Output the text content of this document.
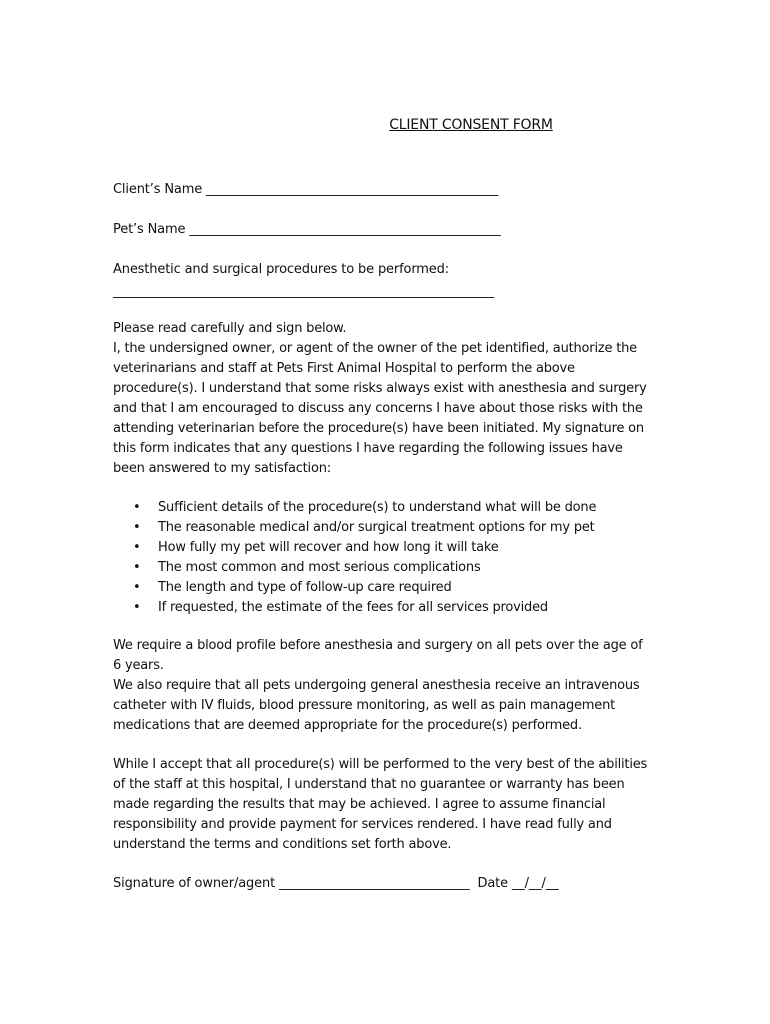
CLIENT CONSENT FORM
Client’s Name ______________________________________________
Pet’s Name _________________________________________________
Anesthetic and surgical procedures to be performed:
____________________________________________________________

Please read carefully and sign below.

I, the undersigned owner, or agent of the owner of the pet identified, authorize the veterinarians and staff at Pets First Animal Hospital to perform the above procedure(s). I understand that some risks always exist with anesthesia and surgery and that I am encouraged to discuss any concerns I have about those risks with the attending veterinarian before the procedure(s) have been initiated. My signature on this form indicates that any questions I have regarding the following issues have been answered to my satisfaction:

• Sufficient details of the procedure(s) to understand what will be done
• The reasonable medical and/or surgical treatment options for my pet
• How fully my pet will recover and how long it will take
• The most common and most serious complications
• The length and type of follow-up care required
• If requested, the estimate of the fees for all services provided

We require a blood profile before anesthesia and surgery on all pets over the age of 6 years.

We also require that all pets undergoing general anesthesia receive an intravenous catheter with IV fluids, blood pressure monitoring, as well as pain management medications that are deemed appropriate for the procedure(s) performed.

While I accept that all procedure(s) will be performed to the very best of the abilities of the staff at this hospital, I understand that no guarantee or warranty has been made regarding the results that may be achieved. I agree to assume financial responsibility and provide payment for services rendered. I have read fully and understand the terms and conditions set forth above.
Signature of owner/agent ______________________________  Date __/__/__
